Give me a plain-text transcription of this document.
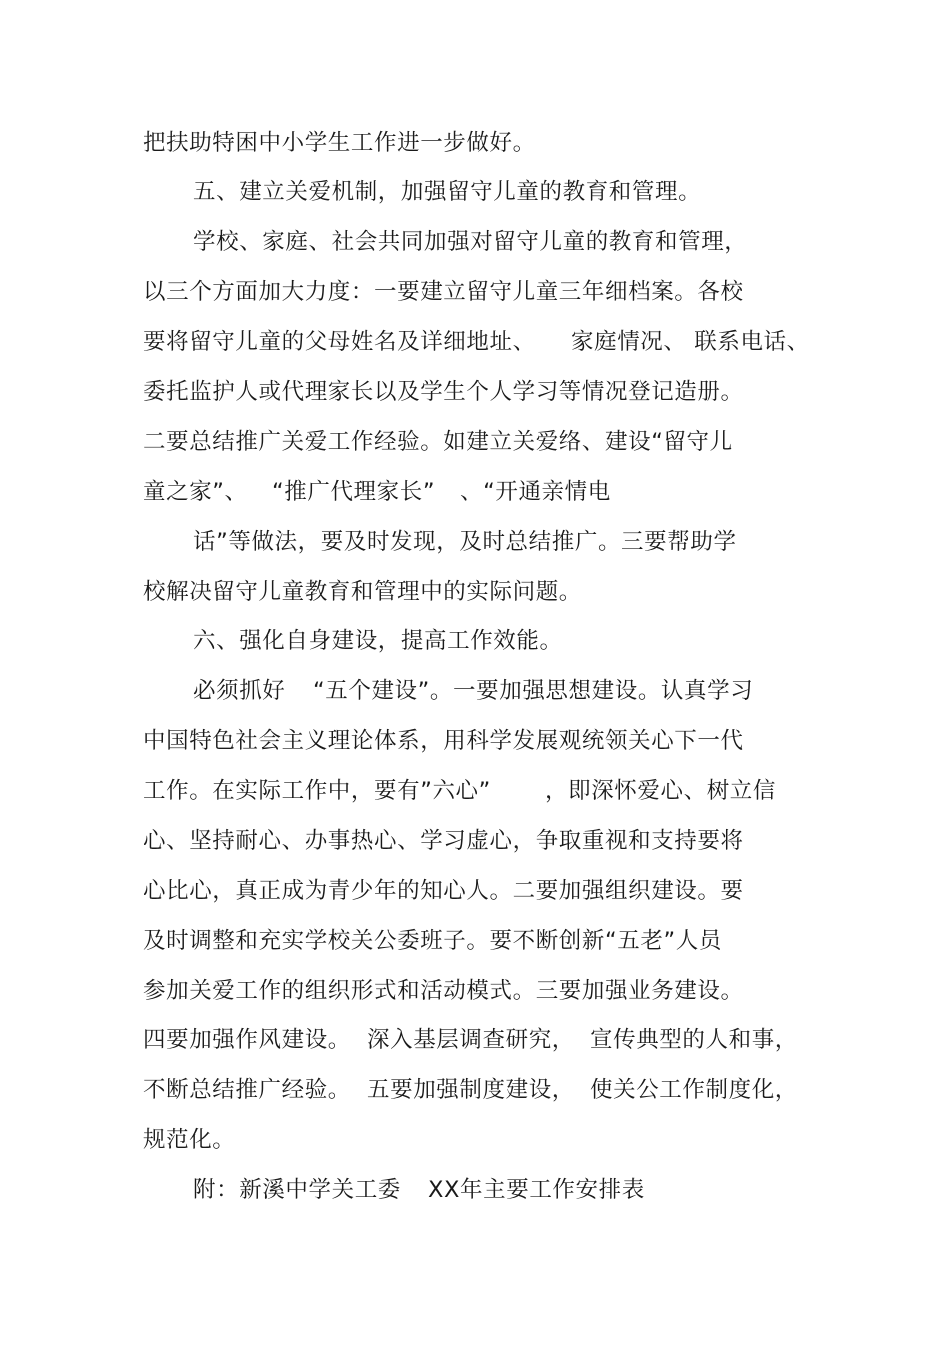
把扶助特困中小学生工作进一步做好。
五、建立关爱机制，加强留守儿童的教育和管理。
学校、家庭、社会共同加强对留守儿童的教育和管理，
以三个方面加大力度：一要建立留守儿童三年细档案。各校
要将留守儿童的父母姓名及详细地址、 家庭情况、 联系电话、
委托监护人或代理家长以及学生个人学习等情况登记造册。
二要总结推广关爱工作经验。如建立关爱络、建设“留守儿
童之家”、 “推广代理家长” 、“开通亲情电
话”等做法，要及时发现，及时总结推广。三要帮助学
校解决留守儿童教育和管理中的实际问题。
六、强化自身建设，提高工作效能。
必须抓好 “五个建设”。一要加强思想建设。认真学习
中国特色社会主义理论体系，用科学发展观统领关心下一代
工作。在实际工作中，要有”六心” ，即深怀爱心、树立信
心、坚持耐心、办事热心、学习虚心，争取重视和支持要将
心比心，真正成为青少年的知心人。二要加强组织建设。要
及时调整和充实学校关公委班子。要不断创新“五老”人员
参加关爱工作的组织形式和活动模式。三要加强业务建设。
四要加强作风建设。 深入基层调查研究， 宣传典型的人和事，
不断总结推广经验。 五要加强制度建设， 使关公工作制度化，
规范化。
附：新溪中学关工委 XX年主要工作安排表
